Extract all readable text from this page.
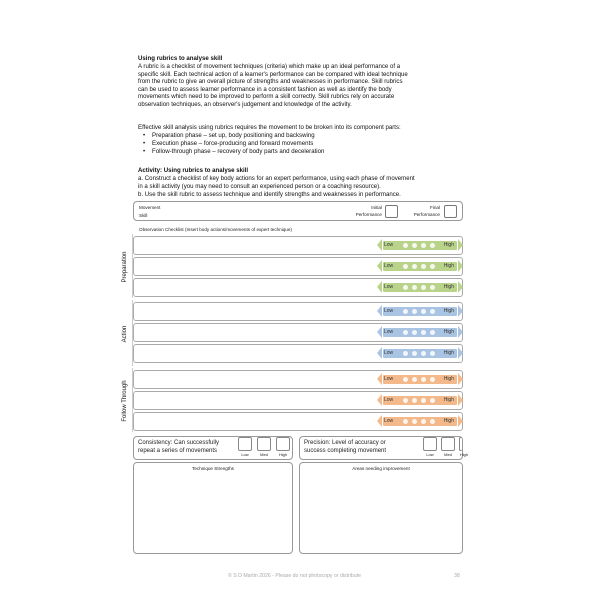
Using rubrics to analyse skill
A rubric is a checklist of movement techniques (criteria) which make up an ideal performance of a
specific skill. Each technical action of a learner's performance can be compared with ideal technique
from the rubric to give an overall picture of strengths and weaknesses in performance. Skill rubrics
can be used to assess learner performance in a consistent fashion as well as identify the body
movements which need to be improved to perform a skill correctly. Skill rubrics rely on accurate
observation techniques, an observer's judgement and knowledge of the activity.
Effective skill analysis using rubrics requires the movement to be broken into its component parts:
• Preparation phase – set up, body positioning and backswing
• Execution phase – force-producing and forward movements
• Follow-through phase – recovery of body parts and deceleration
Activity: Using rubrics to analyse skill
a. Construct a checklist of key body actions for an expert performance, using each phase of movement
in a skill activity (you may need to consult an experienced person or a coaching resource).
b. Use the skill rubric to assess technique and identify strengths and weaknesses in performance.
Movement
Skill
Initial
Performance
Final
Performance
Observation Checklist (Insert body actions/movements of expert technique)
Preparation
Action
Follow Through
Low	High
Low	High
Low	High
Low	High
Low	High
Low	High
Low	High
Low	High
Low	High
Consistency: Can successfully
repeat a series of movements
Low	Med	High
Precision: Level of accuracy or
success completing movement
Low	Med	High
Technique Strengths	Areas needing improvement
© S D Martin 2026 - Please do not photocopy or distribute	38
